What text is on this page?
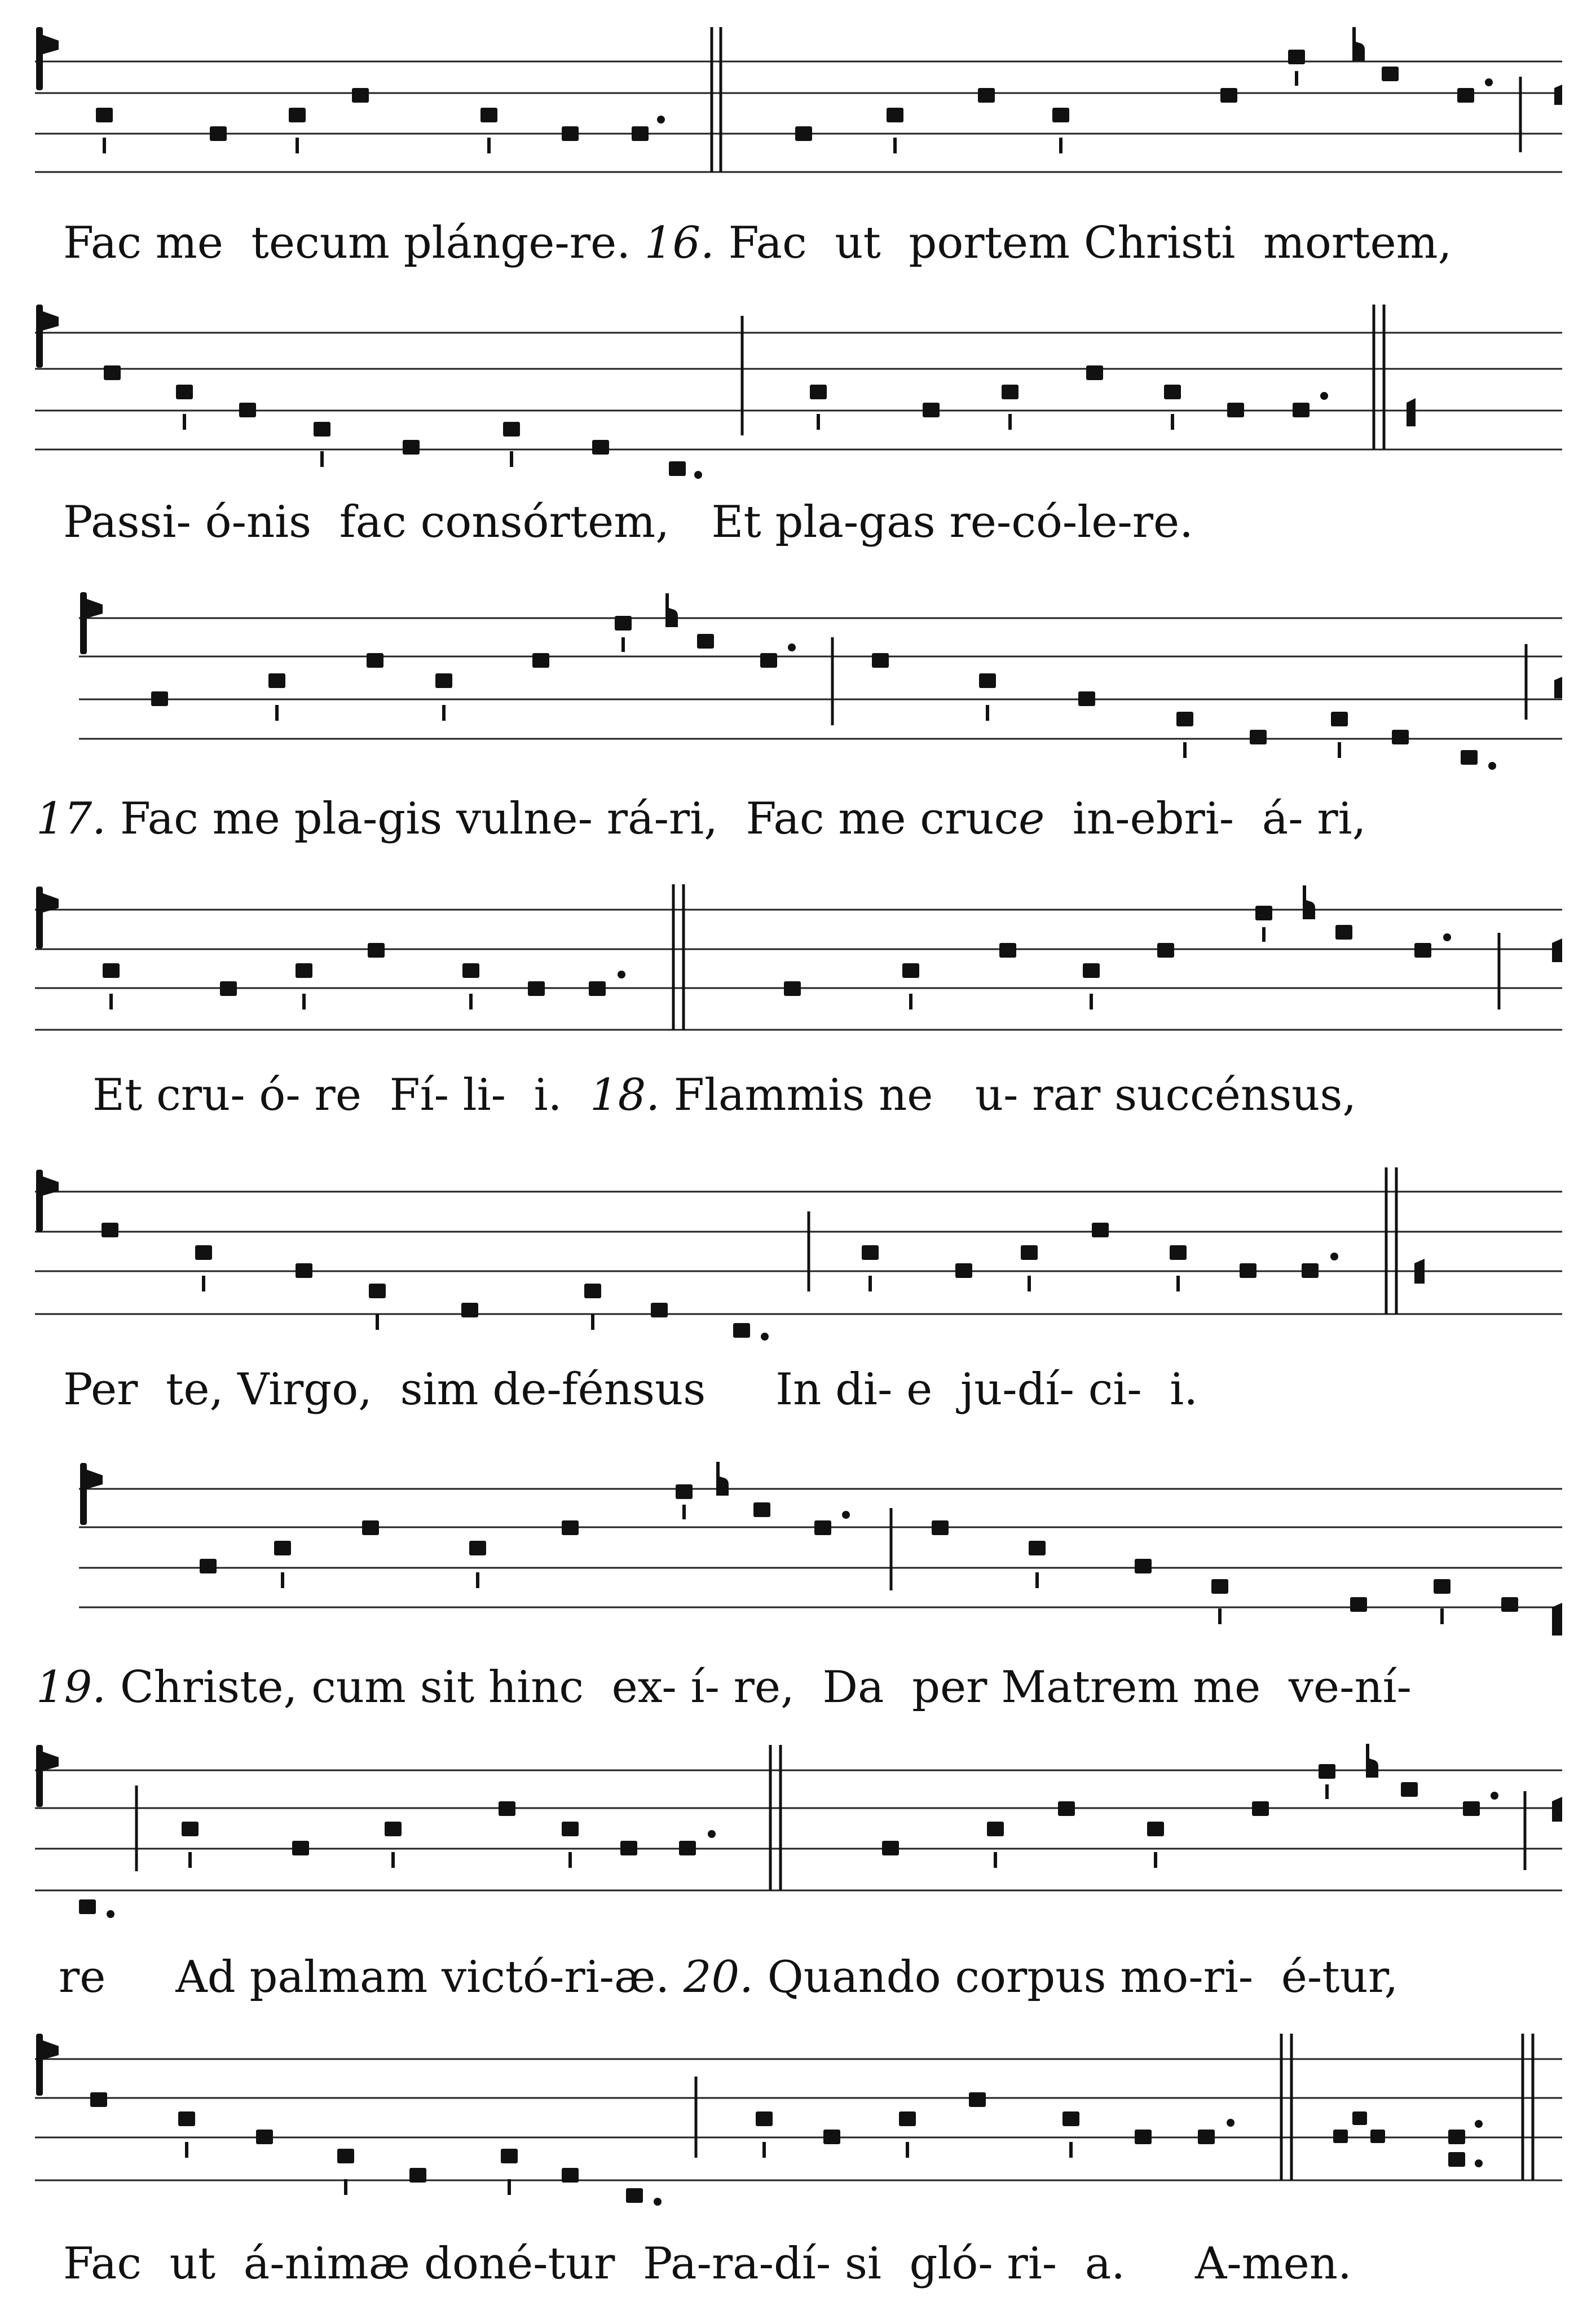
Fac me  tecum plánge-re. 16. Fac  ut  portem Christi  mortem,
Passi- ó-nis  fac consórtem,   Et pla-gas re-có-le-re.
17. Fac me pla-gis vulne- rá-ri,  Fac me cruce  in-ebri-  á- ri,
Et cru- ó- re  Fí- li-  i.  18. Flammis ne   u- rar succénsus,
Per  te, Virgo,  sim de-fénsus     In di- e  ju-dí- ci-  i.
19. Christe, cum sit hinc  ex- í- re,  Da  per Matrem me  ve-ní-
re     Ad palmam victó-ri-æ. 20. Quando corpus mo-ri-  é-tur,
Fac  ut  á-nimæ doné-tur  Pa-ra-dí- si  gló- ri-  a.     A-men.
